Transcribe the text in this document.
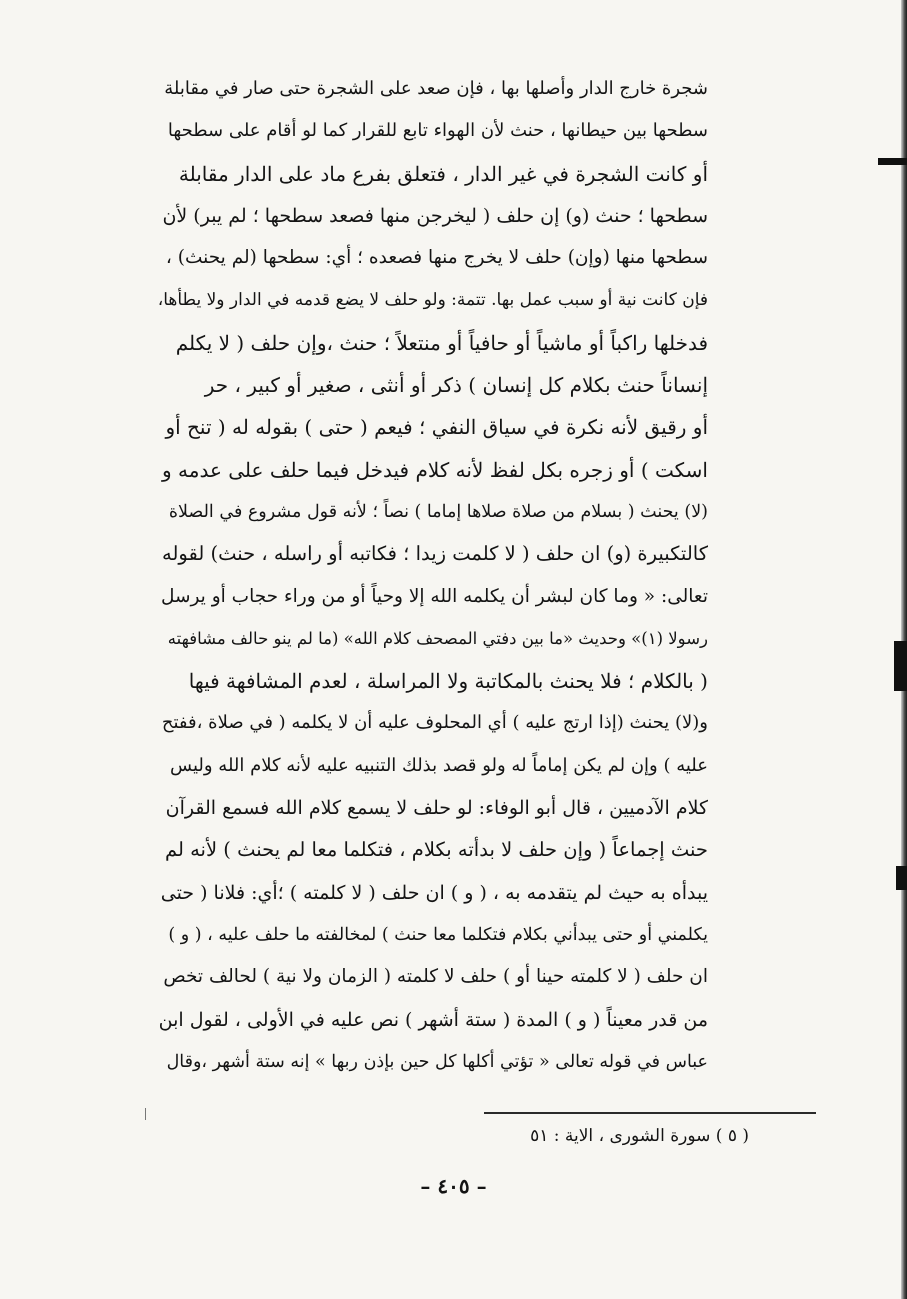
شجرة خارج الدار وأصلها بها ، فإن صعد على الشجرة حتى صار في مقابلة
سطحها بين حيطانها ، حنث لأن الهواء تابع للقرار كما لو أقام على سطحها
أو كانت الشجرة في غير الدار ، فتعلق بفرع ماد على الدار مقابلة
سطحها ؛ حنث (و) إن حلف ( ليخرجن منها فصعد سطحها ؛ لم يبر) لأن
سطحها منها (وإن) حلف لا يخرج منها فصعده ؛ أي: سطحها (لم يحنث) ،
فإن كانت نية أو سبب عمل بها. تتمة: ولو حلف لا يضع قدمه في الدار ولا يطأها،
فدخلها راكباً أو ماشياً أو حافياً أو منتعلاً ؛ حنث ،وإن حلف ( لا يكلم
إنساناً حنث بكلام كل إنسان ) ذكر أو أنثى ، صغير أو كبير ، حر
أو رقيق لأنه نكرة في سياق النفي ؛ فيعم ( حتى ) بقوله له ( تنح أو
اسكت ) أو زجره بكل لفظ لأنه كلام فيدخل فيما حلف على عدمه و
(لا) يحنث ( بسلام من صلاة صلاها إماما ) نصاً ؛ لأنه قول مشروع في الصلاة
كالتكبيرة (و) ان حلف ( لا كلمت زيدا ؛ فكاتبه أو راسله ، حنث) لقوله
تعالى: « وما كان لبشر أن يكلمه الله إلا وحياً أو من وراء حجاب أو يرسل
رسولا (١)» وحديث «ما بين دفتي المصحف كلام الله» (ما لم ينو حالف مشافهته
( بالكلام ؛ فلا يحنث بالمكاتبة ولا المراسلة ، لعدم المشافهة فيها
و(لا) يحنث (إذا ارتج عليه ) أي المحلوف عليه أن لا يكلمه ( في صلاة ،ففتح
عليه ) وإن لم يكن إماماً له ولو قصد بذلك التنبيه عليه لأنه كلام الله وليس
كلام الآدميين ، قال أبو الوفاء: لو حلف لا يسمع كلام الله فسمع القرآن
حنث إجماعاً ( وإن حلف لا بدأته بكلام ، فتكلما معا لم يحنث ) لأنه لم
يبدأه به حيث لم يتقدمه به ، ( و ) ان حلف ( لا كلمته ) ؛أي: فلانا ( حتى
يكلمني أو حتى يبدأني بكلام فتكلما معا حنث ) لمخالفته ما حلف عليه ، ( و )
ان حلف ( لا كلمته حينا أو ) حلف لا كلمته ( الزمان ولا نية ) لحالف تخص
من قدر معيناً ( و ) المدة ( ستة أشهر ) نص عليه في الأولى ، لقول ابن
عباس في قوله تعالى « تؤتي أكلها كل حين بإذن ربها » إنه ستة أشهر ،وقال
( ٥ ) سورة الشورى ، الاية : ٥١
– ٤٠٥ –
